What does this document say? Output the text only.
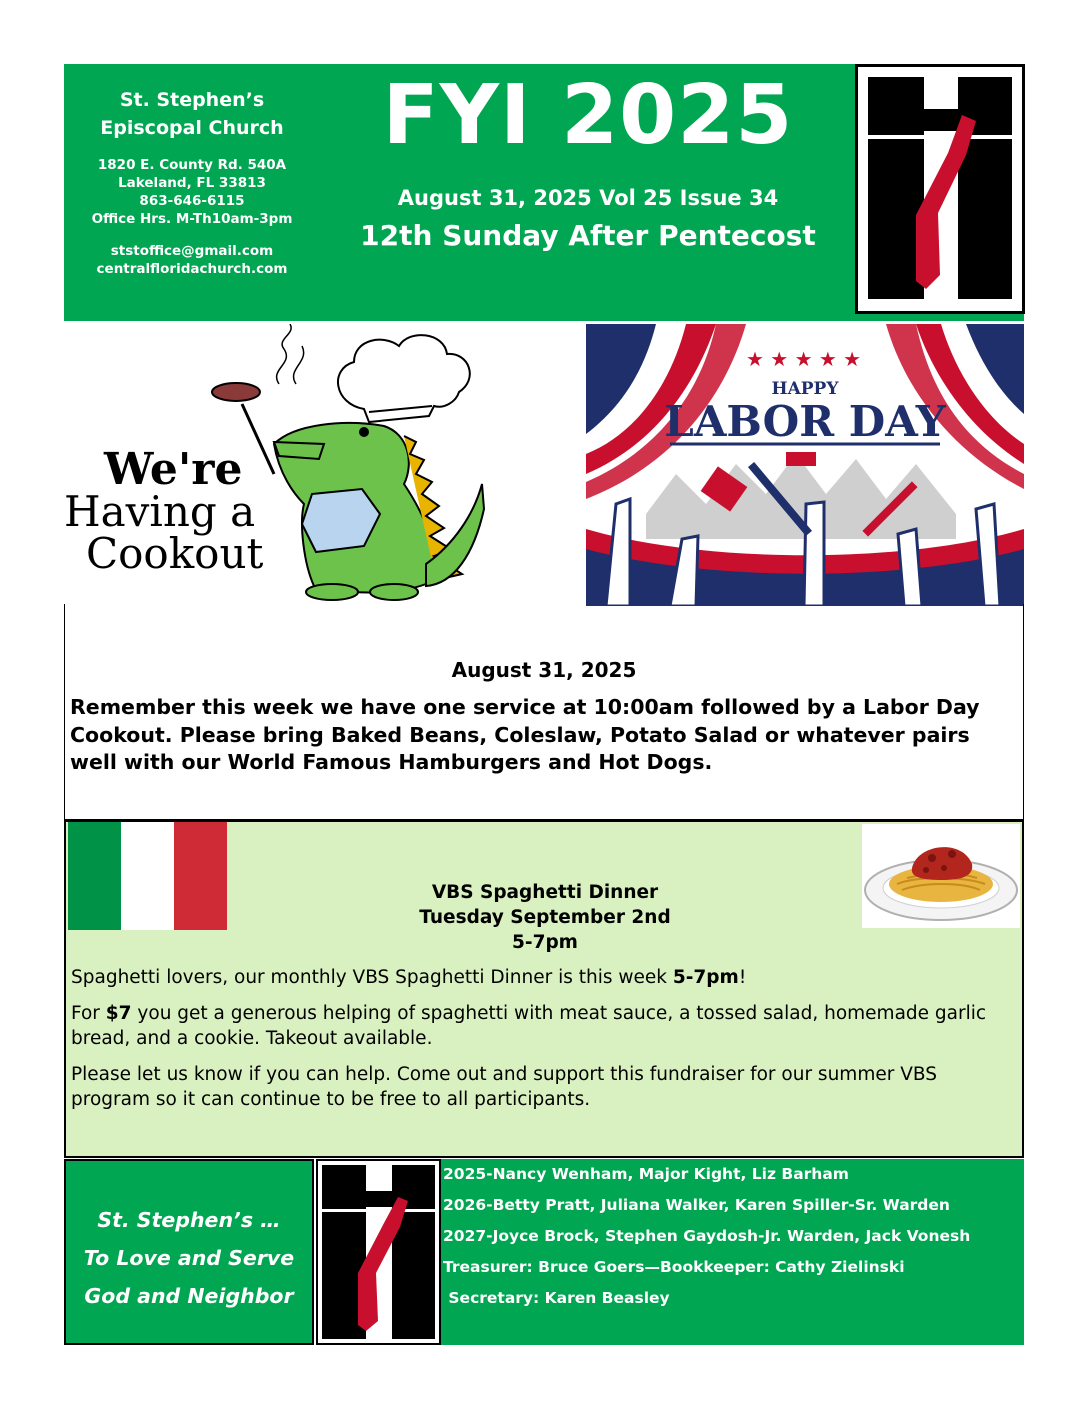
St. Stephen’s
Episcopal Church
1820 E. County Rd. 540A
Lakeland, FL 33813
863-646-6115
Office Hrs. M-Th10am-3pm
ststoffice@gmail.com
centralfloridachurch.com
FYI 2025
August 31, 2025 Vol 25 Issue 34
12th Sunday After Pentecost
We're
Having a
Cookout
★ ★ ★ ★ ★
HAPPY
LABOR DAY
August 31, 2025
Remember this week we have one service at 10:00am followed by a Labor Day Cookout. Please bring Baked Beans, Coleslaw, Potato Salad or whatever pairs well with our World Famous Hamburgers and Hot Dogs.
VBS Spaghetti Dinner
Tuesday September 2nd
5-7pm

Spaghetti lovers, our monthly VBS Spaghetti Dinner is this week 5-7pm!

For $7 you get a generous helping of spaghetti with meat sauce, a tossed salad, homemade garlic bread, and a cookie. Takeout available.

Please let us know if you can help. Come out and support this fundraiser for our summer VBS program so it can continue to be free to all participants.

St. Stephen’s …
To Love and Serve
God and Neighbor
2025-Nancy Wenham, Major Kight, Liz Barham
2026-Betty Pratt, Juliana Walker, Karen Spiller-Sr. Warden
2027-Joyce Brock, Stephen Gaydosh-Jr. Warden, Jack Vonesh
Treasurer: Bruce Goers—Bookkeeper: Cathy Zielinski
Secretary: Karen Beasley
